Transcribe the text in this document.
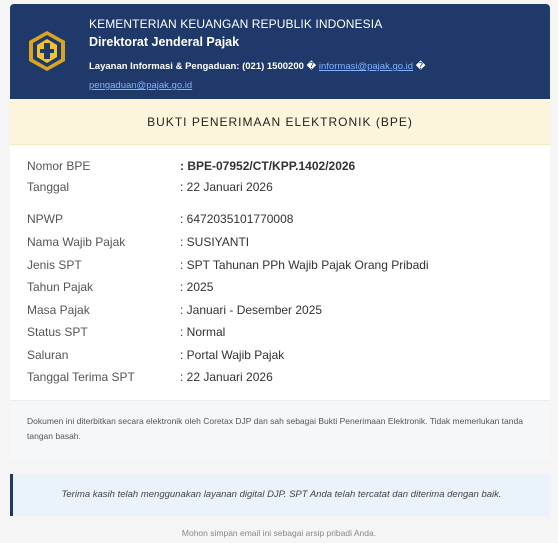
KEMENTERIAN KEUANGAN REPUBLIK INDONESIA
Direktorat Jenderal Pajak
Layanan Informasi & Pengaduan: (021) 1500200 � informasi@pajak.go.id � pengaduan@pajak.go.id
BUKTI PENERIMAAN ELEKTRONIK (BPE)
Nomor BPE	: BPE-07952/CT/KPP.1402/2026
Tanggal	: 22 Januari 2026
NPWP	: 6472035101770008
Nama Wajib Pajak	: SUSIYANTI
Jenis SPT	: SPT Tahunan PPh Wajib Pajak Orang Pribadi
Tahun Pajak	: 2025
Masa Pajak	: Januari - Desember 2025
Status SPT	: Normal
Saluran	: Portal Wajib Pajak
Tanggal Terima SPT	: 22 Januari 2026
Dokumen ini diterbitkan secara elektronik oleh Coretax DJP dan sah sebagai Bukti Penerimaan Elektronik. Tidak memerlukan tanda tangan basah.
Terima kasih telah menggunakan layanan digital DJP. SPT Anda telah tercatat dan diterima dengan baik.
Mohon simpan email ini sebagai arsip pribadi Anda.
